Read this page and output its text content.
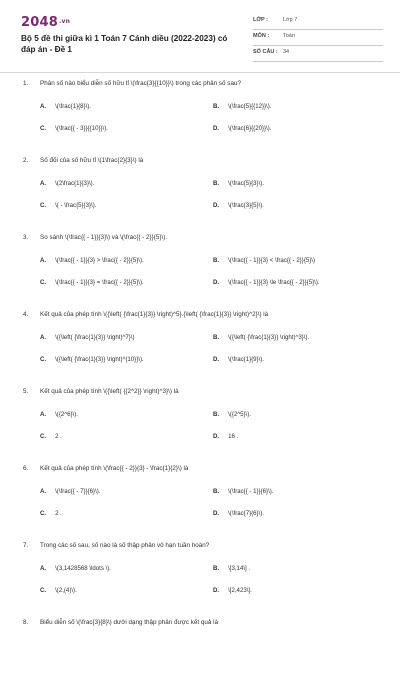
$2048^{.vn}$
Bộ 5 đề thi giữa kì 1 Toán 7 Cánh diều (2022-2023) có đáp án - Đề 1
LỚP :	Lớp 7
MÔN :	Toán
SỐ CÂU : 34
1. Phân số nào biểu diễn số hữu tỉ \(\frac{3}{{10}}\) trong các phân số sau?
A. \(\frac{1}{8}\).	B. \(\frac{5}{{12}}\).
C. \(\frac{{ - 3}}{{10}}\).	D. \(\frac{6}{{20}}\).
2. Số đối của số hữu tỉ \(1\frac{2}{3}\) là
A. \(2\frac{1}{3}\).	B. \(\frac{5}{3}\).
C. \( - \frac{5}{3}\).	D. \(\frac{3}{5}\).
3. So sánh \(\frac{{ - 1}}{3}\) và \(\frac{{ - 2}}{5}\).
A. \(\frac{{ - 1}}{3} > \frac{{ - 2}}{5}\).	B. \(\frac{{ - 1}}{3} < \frac{{ - 2}}{5}\)
C. \(\frac{{ - 1}}{3} = \frac{{ - 2}}{5}\).	D. \(\frac{{ - 1}}{3} \le \frac{{ - 2}}{5}\).
4. Kết quả của phép tính \({\left( {\frac{1}{3}} \right)^5}.{\left( {\frac{1}{3}} \right)^2}\) là
A. \({\left( {\frac{1}{3}} \right)^7}\)	B. \({\left( {\frac{1}{3}} \right)^3}\).
C. \({\left( {\frac{1}{3}} \right)^{10}}\).	D. \(\frac{1}{9}\).
5. Kết quả của phép tính \({\left( {{2^2}} \right)^3}\) là
A. \({2^6}\).	B. \({2^5}\).
C. 2 .	D. 16 .
6. Kết quả của phép tính \(\frac{{ - 2}}{3} - \frac{1}{2}\) là
A. \(\frac{{ - 7}}{6}\).	B. \(\frac{{ - 1}}{6}\).
C. 2 .	D. \(\frac{7}{6}\).
7. Trong các số sau, số nào là số thập phân vô hạn tuần hoàn?
A. \(3,1428568 \ldots \).	B. \[3,14\] .
C. \(2,(4)\).	D. \[2,423\].
8. Biểu diễn số \(\frac{3}{8}\) dưới dạng thập phân được kết quả là
